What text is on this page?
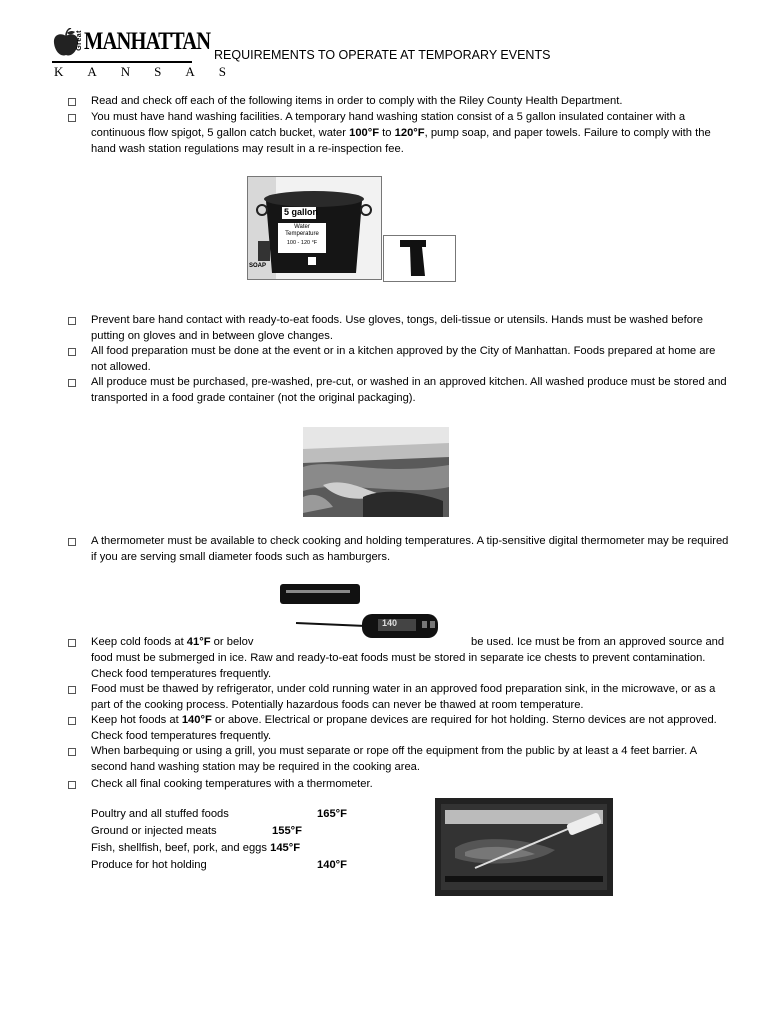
Great MANHATTAN
KANSAS
REQUIREMENTS TO OPERATE AT TEMPORARY EVENTS
Read and check off each of the following items in order to comply with the Riley County Health Department.
You must have hand washing facilities. A temporary hand washing station consist of a 5 gallon insulated container with a continuous flow spigot, 5 gallon catch bucket, water 100°F to 120°F, pump soap, and paper towels. Failure to comply with the hand wash station regulations may result in a re-inspection fee.
5 gallon
Water Temperature
100 - 120 °F
SOAP
Prevent bare hand contact with ready-to-eat foods. Use gloves, tongs, deli-tissue or utensils. Hands must be washed before putting on gloves and in between glove changes.
All food preparation must be done at the event or in a kitchen approved by the City of Manhattan. Foods prepared at home are not allowed.
All produce must be purchased, pre-washed, pre-cut, or washed in an approved kitchen. All washed produce must be stored and transported in a food grade container (not the original packaging).
A thermometer must be available to check cooking and holding temperatures. A tip-sensitive digital thermometer may be required if you are serving small diameter foods such as hamburgers.
140
Keep cold foods at 41°F or belov	be used. Ice must be from an approved source and food must be submerged in ice. Raw and ready-to-eat foods must be stored in separate ice chests to prevent contamination. Check food temperatures frequently.
Food must be thawed by refrigerator, under cold running water in an approved food preparation sink, in the microwave, or as a part of the cooking process. Potentially hazardous foods can never be thawed at room temperature.
Keep hot foods at 140°F or above. Electrical or propane devices are required for hot holding. Sterno devices are not approved. Check food temperatures frequently.
When barbequing or using a grill, you must separate or rope off the equipment from the public by at least a 4 feet barrier. A second hand washing station may be required in the cooking area.
Check all final cooking temperatures with a thermometer.
Poultry and all stuffed foods	165°F
Ground or injected meats	155°F
Fish, shellfish, beef, pork, and eggs 145°F
Produce for hot holding	140°F
